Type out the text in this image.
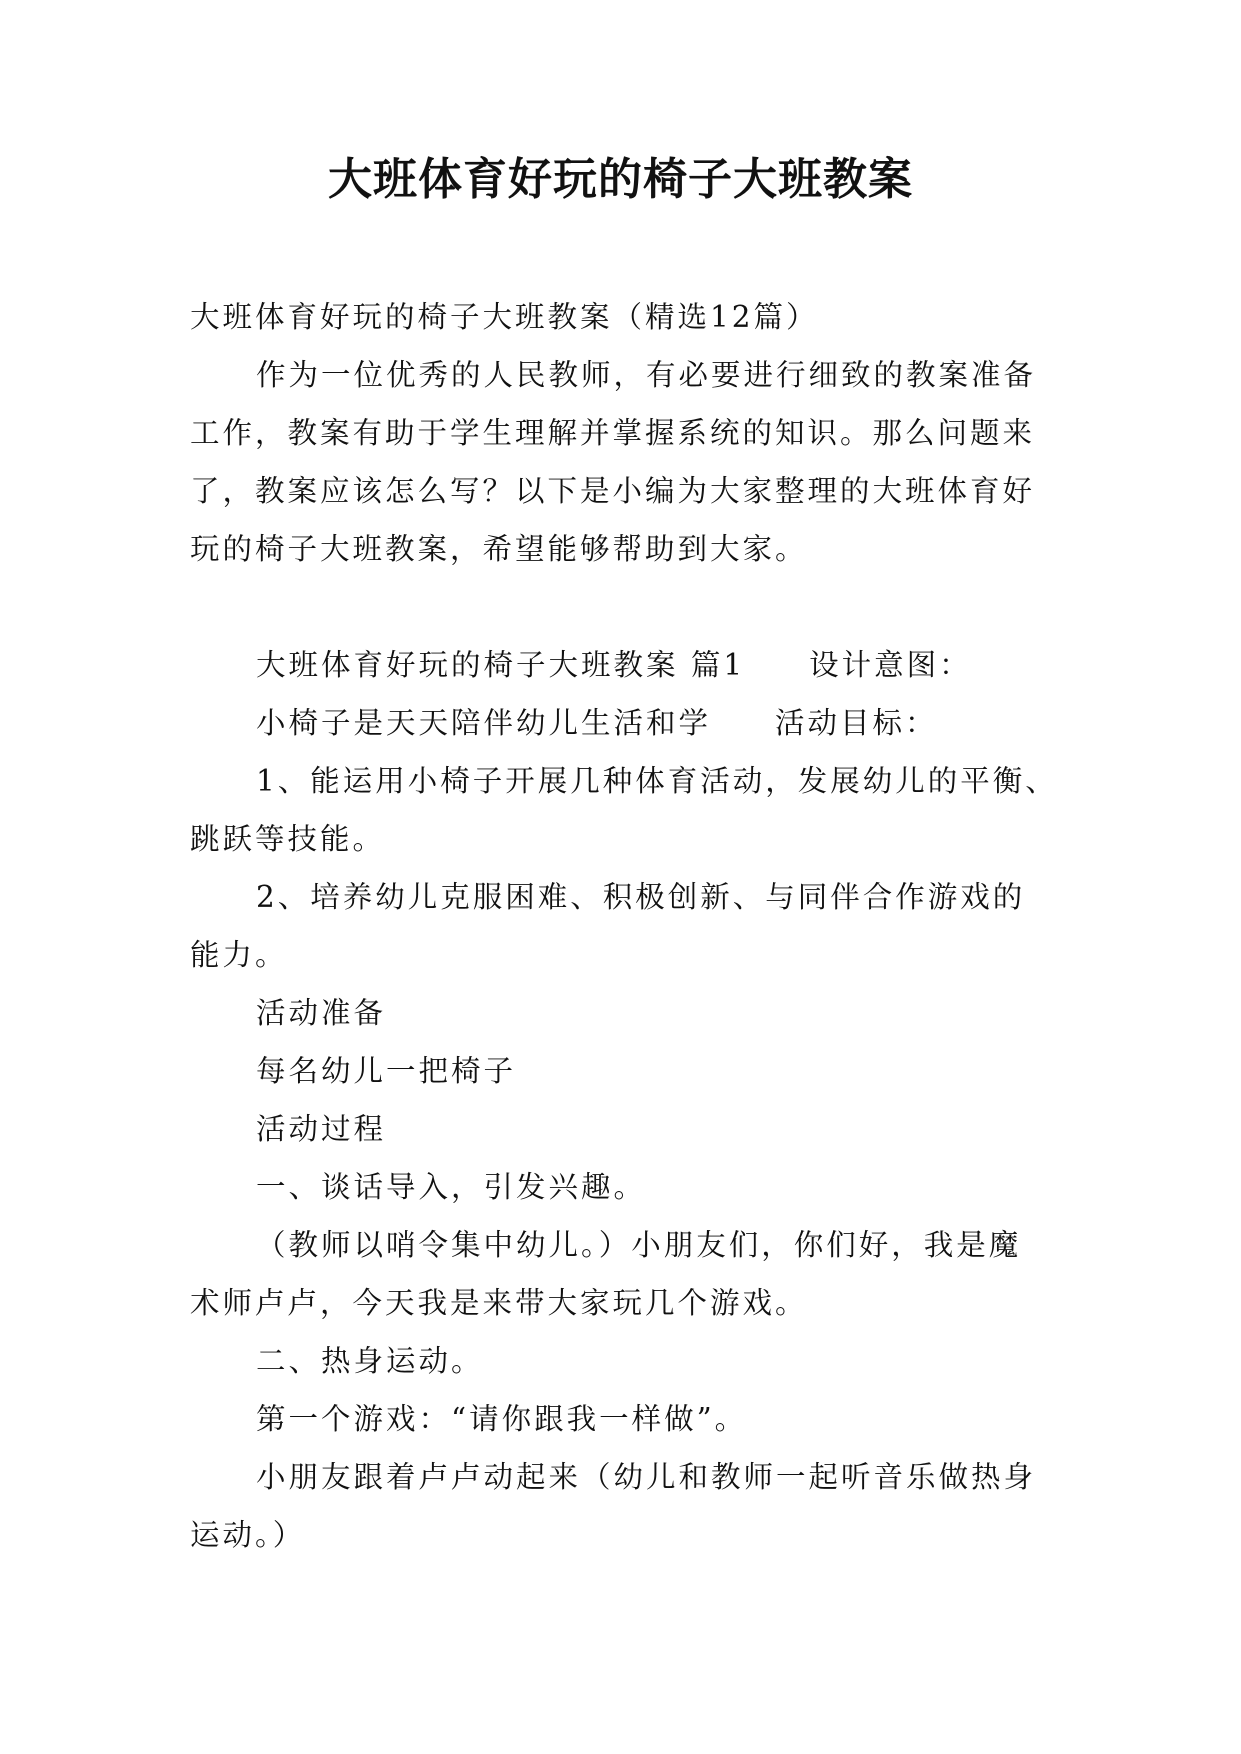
大班体育好玩的椅子大班教案

大班体育好玩的椅子大班教案（精选12篇）

作为一位优秀的人民教师，有必要进行细致的教案准备

工作，教案有助于学生理解并掌握系统的知识。那么问题来

了，教案应该怎么写？以下是小编为大家整理的大班体育好

玩的椅子大班教案，希望能够帮助到大家。

大班体育好玩的椅子大班教案 篇1 设计意图：

小椅子是天天陪伴幼儿生活和学 活动目标：

1、能运用小椅子开展几种体育活动，发展幼儿的平衡、

跳跃等技能。

2、培养幼儿克服困难、积极创新、与同伴合作游戏的

能力。

活动准备

每名幼儿一把椅子

活动过程

一、谈话导入，引发兴趣。

（教师以哨令集中幼儿。）小朋友们，你们好，我是魔

术师卢卢，今天我是来带大家玩几个游戏。

二、热身运动。

第一个游戏：“请你跟我一样做”。

小朋友跟着卢卢动起来（幼儿和教师一起听音乐做热身

运动。）
